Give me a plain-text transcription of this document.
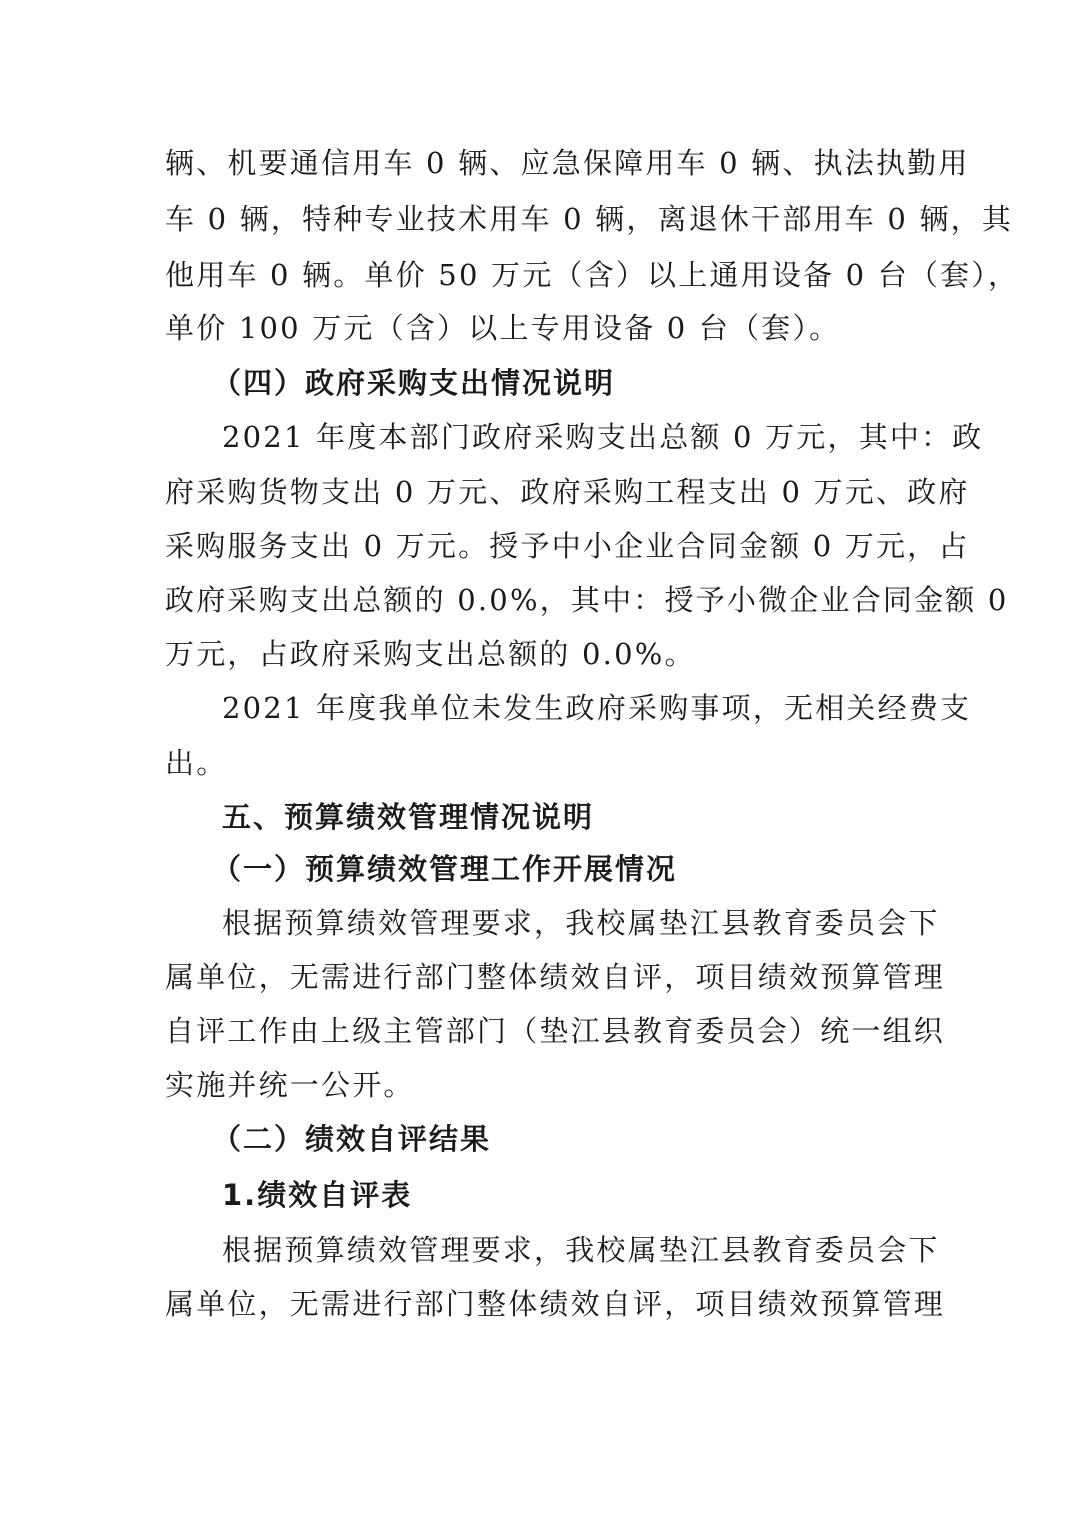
辆、机要通信用车 0 辆、应急保障用车 0 辆、执法执勤用
车 0 辆，特种专业技术用车 0 辆，离退休干部用车 0 辆，其
他用车 0 辆。单价 50 万元（含）以上通用设备 0 台（套），
单价 100 万元（含）以上专用设备 0 台（套）。
（四）政府采购支出情况说明
2021 年度本部门政府采购支出总额 0 万元，其中：政
府采购货物支出 0 万元、政府采购工程支出 0 万元、政府
采购服务支出 0 万元。授予中小企业合同金额 0 万元，占
政府采购支出总额的 0.0%，其中：授予小微企业合同金额 0
万元，占政府采购支出总额的 0.0%。
2021 年度我单位未发生政府采购事项，无相关经费支
出。
五、预算绩效管理情况说明
（一）预算绩效管理工作开展情况
根据预算绩效管理要求，我校属垫江县教育委员会下
属单位，无需进行部门整体绩效自评，项目绩效预算管理
自评工作由上级主管部门（垫江县教育委员会）统一组织
实施并统一公开。
（二）绩效自评结果
1.绩效自评表
根据预算绩效管理要求，我校属垫江县教育委员会下
属单位，无需进行部门整体绩效自评，项目绩效预算管理
